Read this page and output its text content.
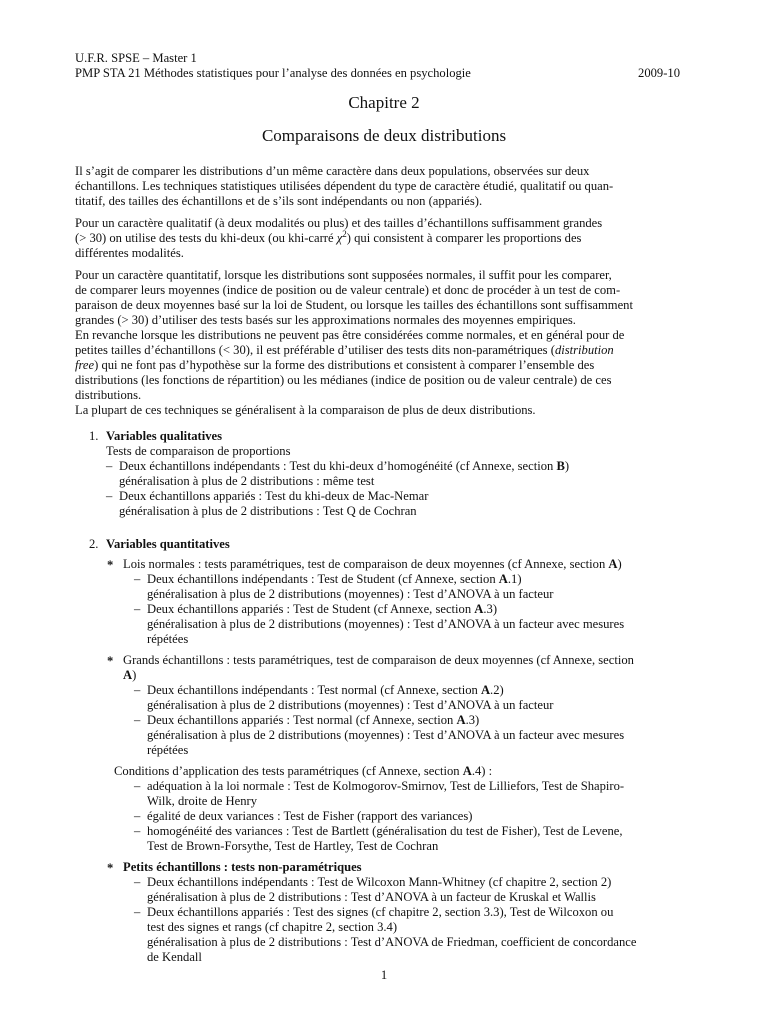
U.F.R. SPSE – Master 1
PMP STA 21 Méthodes statistiques pour l’analyse des données en psychologie	2009-10
Chapitre 2
Comparaisons de deux distributions

Il s’agit de comparer les distributions d’un même caractère dans deux populations, observées sur deux
échantillons. Les techniques statistiques utilisées dépendent du type de caractère étudié, qualitatif ou quan-
titatif, des tailles des échantillons et de s’ils sont indépendants ou non (appariés).

Pour un caractère qualitatif (à deux modalités ou plus) et des tailles d’échantillons suffisamment grandes
(> 30) on utilise des tests du khi-deux (ou khi-carré $\chi^2$) qui consistent à comparer les proportions des
différentes modalités.

Pour un caractère quantitatif, lorsque les distributions sont supposées normales, il suffit pour les comparer,
de comparer leurs moyennes (indice de position ou de valeur centrale) et donc de procéder à un test de com-
paraison de deux moyennes basé sur la loi de Student, ou lorsque les tailles des échantillons sont suffisamment
grandes (> 30) d’utiliser des tests basés sur les approximations normales des moyennes empiriques.
En revanche lorsque les distributions ne peuvent pas être considérées comme normales, et en général pour de
petites tailles d’échantillons (< 30), il est préférable d’utiliser des tests dits non-paramétriques (distribution
free) qui ne font pas d’hypothèse sur la forme des distributions et consistent à comparer l’ensemble des
distributions (les fonctions de répartition) ou les médianes (indice de position ou de valeur centrale) de ces
distributions.
La plupart de ces techniques se généralisent à la comparaison de plus de deux distributions.

1. Variables qualitatives
Tests de comparaison de proportions
– Deux échantillons indépendants : Test du khi-deux d’homogénéité (cf Annexe, section B)
généralisation à plus de 2 distributions : même test
– Deux échantillons appariés : Test du khi-deux de Mac-Nemar
généralisation à plus de 2 distributions : Test Q de Cochran
2. Variables quantitatives
* Lois normales : tests paramétriques, test de comparaison de deux moyennes (cf Annexe, section A)
– Deux échantillons indépendants : Test de Student (cf Annexe, section A.1)
généralisation à plus de 2 distributions (moyennes) : Test d’ANOVA à un facteur
– Deux échantillons appariés : Test de Student (cf Annexe, section A.3)
généralisation à plus de 2 distributions (moyennes) : Test d’ANOVA à un facteur avec mesures
répétées
* Grands échantillons : tests paramétriques, test de comparaison de deux moyennes (cf Annexe, section
A)
– Deux échantillons indépendants : Test normal (cf Annexe, section A.2)
généralisation à plus de 2 distributions (moyennes) : Test d’ANOVA à un facteur
– Deux échantillons appariés : Test normal (cf Annexe, section A.3)
généralisation à plus de 2 distributions (moyennes) : Test d’ANOVA à un facteur avec mesures
répétées
Conditions d’application des tests paramétriques (cf Annexe, section A.4) :
– adéquation à la loi normale : Test de Kolmogorov-Smirnov, Test de Lilliefors, Test de Shapiro-
Wilk, droite de Henry
– égalité de deux variances : Test de Fisher (rapport des variances)
– homogénéité des variances : Test de Bartlett (généralisation du test de Fisher), Test de Levene,
Test de Brown-Forsythe, Test de Hartley, Test de Cochran
* Petits échantillons : tests non-paramétriques
– Deux échantillons indépendants : Test de Wilcoxon Mann-Whitney (cf chapitre 2, section 2)
généralisation à plus de 2 distributions : Test d’ANOVA à un facteur de Kruskal et Wallis
– Deux échantillons appariés : Test des signes (cf chapitre 2, section 3.3), Test de Wilcoxon ou
test des signes et rangs (cf chapitre 2, section 3.4)
généralisation à plus de 2 distributions : Test d’ANOVA de Friedman, coefficient de concordance
de Kendall
1
